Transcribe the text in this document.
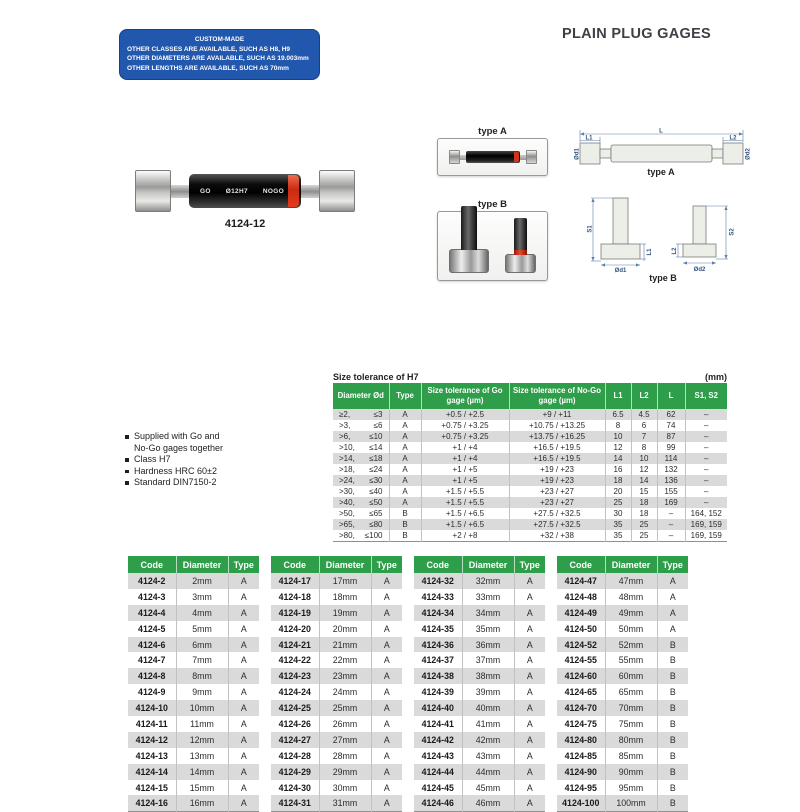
CUSTOM-MADE
OTHER CLASSES ARE AVAILABLE, SUCH AS H8, H9
OTHER DIAMETERS ARE AVAILABLE, SUCH AS 19.003mm
OTHER LENGTHS ARE AVAILABLE, SUCH AS 70mm
PLAIN PLUG GAGES
GO Ø12H7 NOGO
4124-12
type A
type B
L
L1	L2
Ød1	Ød2
type A
S1
L1
Ød1
S2
L2
Ød2
type B
Supplied with Go and
No-Go gages together
Class H7
Hardness HRC 60±2
Standard DIN7150-2
Size tolerance of H7	(mm)
Diameter Ød	Type	Size tolerance of Go gage (µm)	Size tolerance of No-Go gage (µm)	L1	L2	L	S1, S2

≥2, ≤3	A	+0.5 / +2.5	+9 / +11	6.5	4.5	62	–

>3, ≤6	A	+0.75 / +3.25	+10.75 / +13.25	8	6	74	–

>6, ≤10	A	+0.75 / +3.25	+13.75 / +16.25	10	7	87	–

>10, ≤14	A	+1 / +4	+16.5 / +19.5	12	8	99	–

>14, ≤18	A	+1 / +4	+16.5 / +19.5	14	10	114	–

>18, ≤24	A	+1 / +5	+19 / +23	16	12	132	–

>24, ≤30	A	+1 / +5	+19 / +23	18	14	136	–

>30, ≤40	A	+1.5 / +5.5	+23 / +27	20	15	155	–

>40, ≤50	A	+1.5 / +5.5	+23 / +27	25	18	169	–

>50, ≤65	B	+1.5 / +6.5	+27.5 / +32.5	30	18	–	164, 152

>65, ≤80	B	+1.5 / +6.5	+27.5 / +32.5	35	25	–	169, 159

>80, ≤100	B	+2 / +8	+32 / +38	35	25	–	169, 159
Code	Diameter	Type
4124-2	2mm	A
4124-3	3mm	A
4124-4	4mm	A
4124-5	5mm	A
4124-6	6mm	A
4124-7	7mm	A
4124-8	8mm	A
4124-9	9mm	A
4124-10	10mm	A
4124-11	11mm	A
4124-12	12mm	A
4124-13	13mm	A
4124-14	14mm	A
4124-15	15mm	A
4124-16	16mm	A
Code	Diameter	Type
4124-17	17mm	A
4124-18	18mm	A
4124-19	19mm	A
4124-20	20mm	A
4124-21	21mm	A
4124-22	22mm	A
4124-23	23mm	A
4124-24	24mm	A
4124-25	25mm	A
4124-26	26mm	A
4124-27	27mm	A
4124-28	28mm	A
4124-29	29mm	A
4124-30	30mm	A
4124-31	31mm	A
Code	Diameter	Type
4124-32	32mm	A
4124-33	33mm	A
4124-34	34mm	A
4124-35	35mm	A
4124-36	36mm	A
4124-37	37mm	A
4124-38	38mm	A
4124-39	39mm	A
4124-40	40mm	A
4124-41	41mm	A
4124-42	42mm	A
4124-43	43mm	A
4124-44	44mm	A
4124-45	45mm	A
4124-46	46mm	A
Code	Diameter	Type
4124-47	47mm	A
4124-48	48mm	A
4124-49	49mm	A
4124-50	50mm	A
4124-52	52mm	B
4124-55	55mm	B
4124-60	60mm	B
4124-65	65mm	B
4124-70	70mm	B
4124-75	75mm	B
4124-80	80mm	B
4124-85	85mm	B
4124-90	90mm	B
4124-95	95mm	B
4124-100	100mm	B
